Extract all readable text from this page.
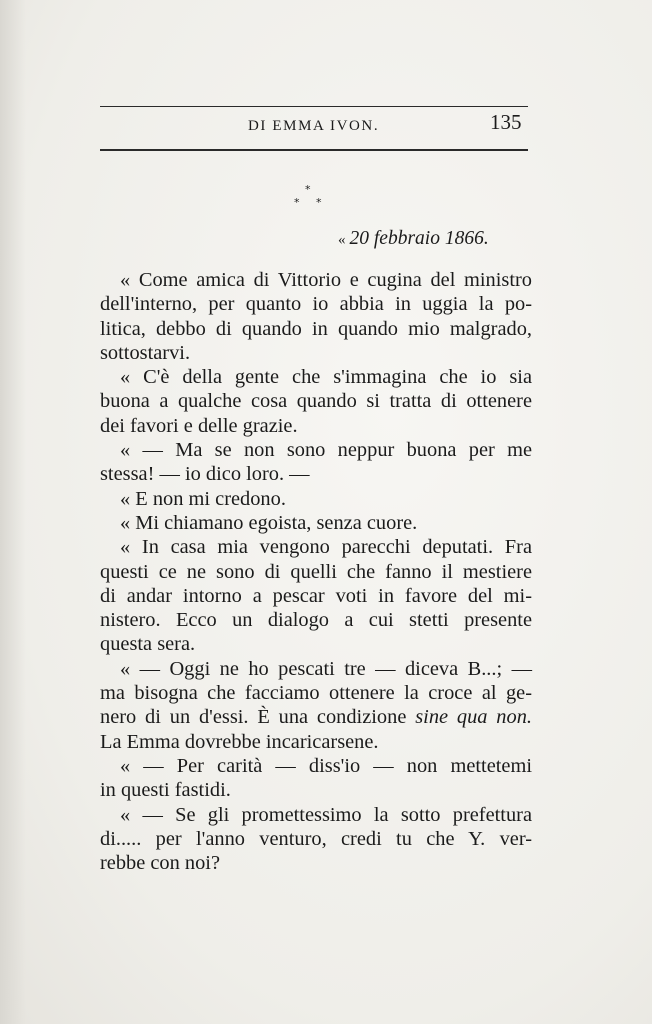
DI EMMA IVON.	135
*
* *
« 20 febbraio 1866.
« Come amica di Vittorio e cugina del ministro
dell'interno, per quanto io abbia in uggia la po-
litica, debbo di quando in quando mio malgrado,
sottostarvi.
« C'è della gente che s'immagina che io sia
buona a qualche cosa quando si tratta di ottenere
dei favori e delle grazie.
« — Ma se non sono neppur buona per me
stessa! — io dico loro. —
« E non mi credono.
« Mi chiamano egoista, senza cuore.
« In casa mia vengono parecchi deputati. Fra
questi ce ne sono di quelli che fanno il mestiere
di andar intorno a pescar voti in favore del mi-
nistero. Ecco un dialogo a cui stetti presente
questa sera.
« — Oggi ne ho pescati tre — diceva B...; —
ma bisogna che facciamo ottenere la croce al ge-
nero di un d'essi. È una condizione sine qua non.
La Emma dovrebbe incaricarsene.
« — Per carità — diss'io — non mettetemi
in questi fastidi.
« — Se gli promettessimo la sotto prefettura
di..... per l'anno venturo, credi tu che Y. ver-
rebbe con noi?
